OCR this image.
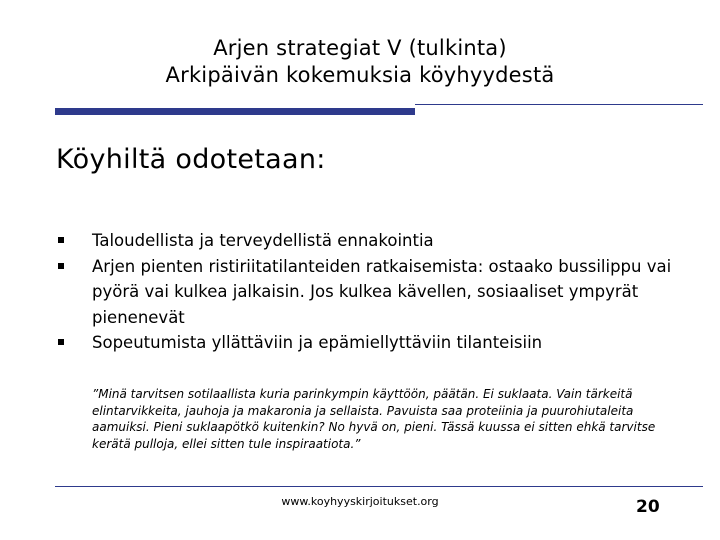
Arjen strategiat V (tulkinta)
Arkipäivän kokemuksia köyhyydestä
Köyhiltä odotetaan:
Taloudellista ja terveydellistä ennakointia
Arjen pienten ristiriitatilanteiden ratkaisemista: ostaako bussilippu vai pyörä vai kulkea jalkaisin. Jos kulkea kävellen, sosiaaliset ympyrät pienenevät
Sopeutumista yllättäviin ja epämiellyttäviin tilanteisiin
”Minä tarvitsen sotilaallista kuria parinkympin käyttöön, päätän. Ei suklaata. Vain tärkeitä elintarvikkeita, jauhoja ja makaronia ja sellaista. Pavuista saa proteiinia ja puurohiutaleita aamuiksi. Pieni suklaapötkö kuitenkin? No hyvä on, pieni. Tässä kuussa ei sitten ehkä tarvitse kerätä pulloja, ellei sitten tule inspiraatiota.”
www.koyhyyskirjoitukset.org	20
